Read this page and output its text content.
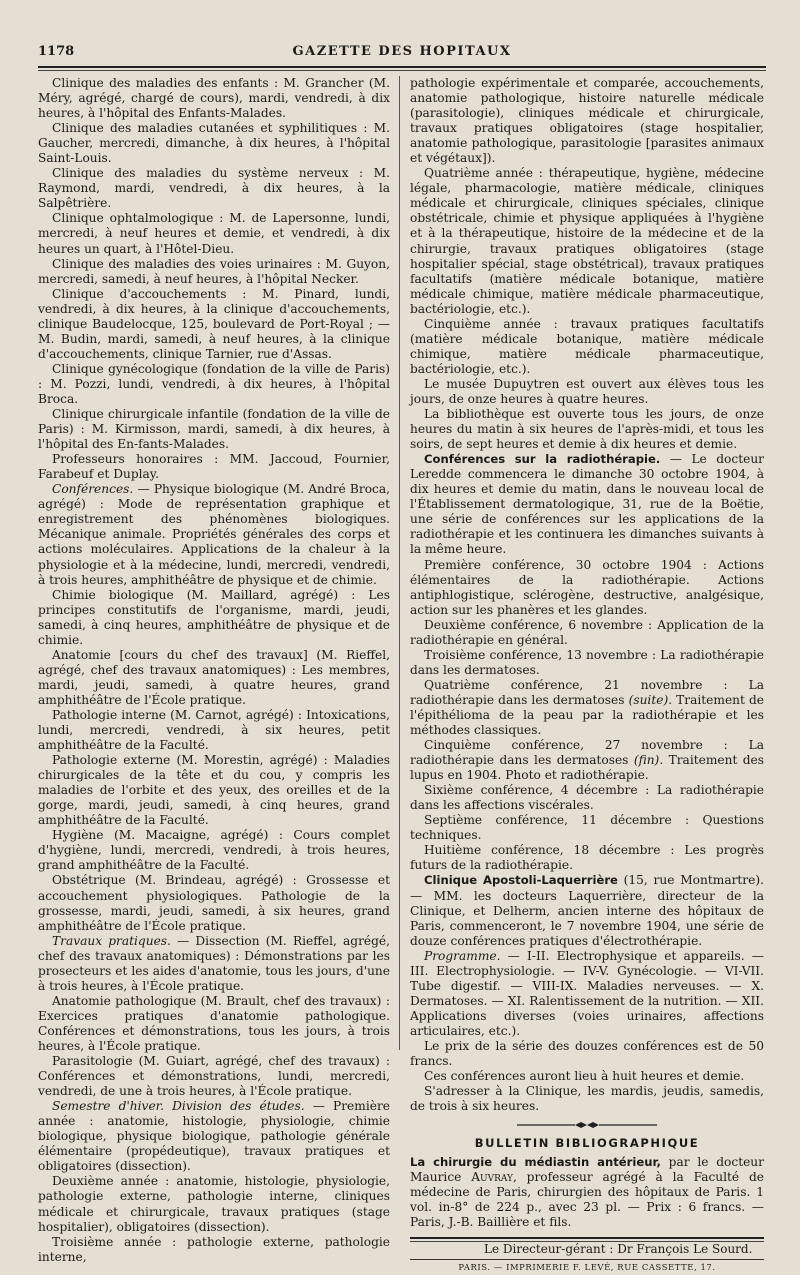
1178	GAZETTE DES HOPITAUX

Clinique des maladies des enfants : M. Grancher (M. Méry, agrégé, chargé de cours), mardi, vendredi, à dix heures, à l'hôpital des Enfants-Malades.

Clinique des maladies cutanées et syphilitiques : M. Gaucher, mercredi, dimanche, à dix heures, à l'hôpital Saint-Louis.

Clinique des maladies du système nerveux : M. Raymond, mardi, vendredi, à dix heures, à la Salpêtrière.

Clinique ophtalmologique : M. de Lapersonne, lundi, mercredi, à neuf heures et demie, et vendredi, à dix heures un quart, à l'Hôtel-Dieu.

Clinique des maladies des voies urinaires : M. Guyon, mercredi, samedi, à neuf heures, à l'hôpital Necker.

Clinique d'accouchements : M. Pinard, lundi, vendredi, à dix heures, à la clinique d'accouchements, clinique Baudelocque, 125, boulevard de Port-Royal ; — M. Budin, mardi, samedi, à neuf heures, à la clinique d'accouchements, clinique Tarnier, rue d'Assas.

Clinique gynécologique (fondation de la ville de Paris) : M. Pozzi, lundi, vendredi, à dix heures, à l'hôpital Broca.

Clinique chirurgicale infantile (fondation de la ville de Paris) : M. Kirmisson, mardi, samedi, à dix heures, à l'hôpital des En-fants-Malades.

Professeurs honoraires : MM. Jaccoud, Fournier, Farabeuf et Duplay.

Conférences. — Physique biologique (M. André Broca, agrégé) : Mode de représentation graphique et enregistrement des phénomènes biologiques. Mécanique animale. Propriétés générales des corps et actions moléculaires. Applications de la chaleur à la physiologie et à la médecine, lundi, mercredi, vendredi, à trois heures, amphithéâtre de physique et de chimie.

Chimie biologique (M. Maillard, agrégé) : Les principes constitutifs de l'organisme, mardi, jeudi, samedi, à cinq heures, amphithéâtre de physique et de chimie.

Anatomie [cours du chef des travaux] (M. Rieffel, agrégé, chef des travaux anatomiques) : Les membres, mardi, jeudi, samedi, à quatre heures, grand amphithéâtre de l'École pratique.

Pathologie interne (M. Carnot, agrégé) : Intoxications, lundi, mercredi, vendredi, à six heures, petit amphithéâtre de la Faculté.

Pathologie externe (M. Morestin, agrégé) : Maladies chirurgicales de la tête et du cou, y compris les maladies de l'orbite et des yeux, des oreilles et de la gorge, mardi, jeudi, samedi, à cinq heures, grand amphithéâtre de la Faculté.

Hygiène (M. Macaigne, agrégé) : Cours complet d'hygiène, lundi, mercredi, vendredi, à trois heures, grand amphithéâtre de la Faculté.

Obstétrique (M. Brindeau, agrégé) : Grossesse et accouchement physiologiques. Pathologie de la grossesse, mardi, jeudi, samedi, à six heures, grand amphithéâtre de l'École pratique.

Travaux pratiques. — Dissection (M. Rieffel, agrégé, chef des travaux anatomiques) : Démonstrations par les prosecteurs et les aides d'anatomie, tous les jours, d'une à trois heures, à l'École pratique.

Anatomie pathologique (M. Brault, chef des travaux) : Exercices pratiques d'anatomie pathologique. Conférences et démonstrations, tous les jours, à trois heures, à l'École pratique.

Parasitologie (M. Guiart, agrégé, chef des travaux) : Conférences et démonstrations, lundi, mercredi, vendredi, de une à trois heures, à l'École pratique.

Semestre d'hiver. Division des études. — Première année : anatomie, histologie, physiologie, chimie biologique, physique biologique, pathologie générale élémentaire (propédeutique), travaux pratiques et obligatoires (dissection).

Deuxième année : anatomie, histologie, physiologie, pathologie externe, pathologie interne, cliniques médicale et chirurgicale, travaux pratiques (stage hospitalier), obligatoires (dissection).

Troisième année : pathologie externe, pathologie interne,

pathologie expérimentale et comparée, accouchements, anatomie pathologique, histoire naturelle médicale (parasitologie), cliniques médicale et chirurgicale, travaux pratiques obligatoires (stage hospitalier, anatomie pathologique, parasitologie [parasites animaux et végétaux]).

Quatrième année : thérapeutique, hygiène, médecine légale, pharmacologie, matière médicale, cliniques médicale et chirurgicale, cliniques spéciales, clinique obstétricale, chimie et physique appliquées à l'hygiène et à la thérapeutique, histoire de la médecine et de la chirurgie, travaux pratiques obligatoires (stage hospitalier spécial, stage obstétrical), travaux pratiques facultatifs (matière médicale botanique, matière médicale chimique, matière médicale pharmaceutique, bactériologie, etc.).

Cinquième année : travaux pratiques facultatifs (matière médicale botanique, matière médicale chimique, matière médicale pharmaceutique, bactériologie, etc.).

Le musée Dupuytren est ouvert aux élèves tous les jours, de onze heures à quatre heures.

La bibliothèque est ouverte tous les jours, de onze heures du matin à six heures de l'après-midi, et tous les soirs, de sept heures et demie à dix heures et demie.

Conférences sur la radiothérapie. — Le docteur Leredde commencera le dimanche 30 octobre 1904, à dix heures et demie du matin, dans le nouveau local de l'Établissement dermatologique, 31, rue de la Boëtie, une série de conférences sur les applications de la radiothérapie et les continuera les dimanches suivants à la même heure.

Première conférence, 30 octobre 1904 : Actions élémentaires de la radiothérapie. Actions antiphlogistique, sclérogène, destructive, analgésique, action sur les phanères et les glandes.

Deuxième conférence, 6 novembre : Application de la radiothérapie en général.

Troisième conférence, 13 novembre : La radiothérapie dans les dermatoses.

Quatrième conférence, 21 novembre : La radiothérapie dans les dermatoses (suite). Traitement de l'épithélioma de la peau par la radiothérapie et les méthodes classiques.

Cinquième conférence, 27 novembre : La radiothérapie dans les dermatoses (fin). Traitement des lupus en 1904. Photo et radiothérapie.

Sixième conférence, 4 décembre : La radiothérapie dans les affections viscérales.

Septième conférence, 11 décembre : Questions techniques.

Huitième conférence, 18 décembre : Les progrès futurs de la radiothérapie.

Clinique Apostoli-Laquerrière (15, rue Montmartre). — MM. les docteurs Laquerrière, directeur de la Clinique, et Delherm, ancien interne des hôpitaux de Paris, commenceront, le 7 novembre 1904, une série de douze conférences pratiques d'électrothérapie.

Programme. — I-II. Electrophysique et appareils. — III. Electrophysiologie. — IV-V. Gynécologie. — VI-VII. Tube digestif. — VIII-IX. Maladies nerveuses. — X. Dermatoses. — XI. Ralentissement de la nutrition. — XII. Applications diverses (voies urinaires, affections articulaires, etc.).

Le prix de la série des douzes conférences est de 50 francs.

Ces conférences auront lieu à huit heures et demie.

S'adresser à la Clinique, les mardis, jeudis, samedis, de trois à six heures.

BULLETIN BIBLIOGRAPHIQUE

La chirurgie du médiastin antérieur, par le docteur Maurice Auvray, professeur agrégé à la Faculté de médecine de Paris, chirurgien des hôpitaux de Paris. 1 vol. in-8° de 224 p., avec 23 pl. — Prix : 6 francs. — Paris, J.-B. Baillière et fils.

Le Directeur-gérant : Dr François Le Sourd.

PARIS. — IMPRIMERIE F. LEVÉ, RUE CASSETTE, 17.
